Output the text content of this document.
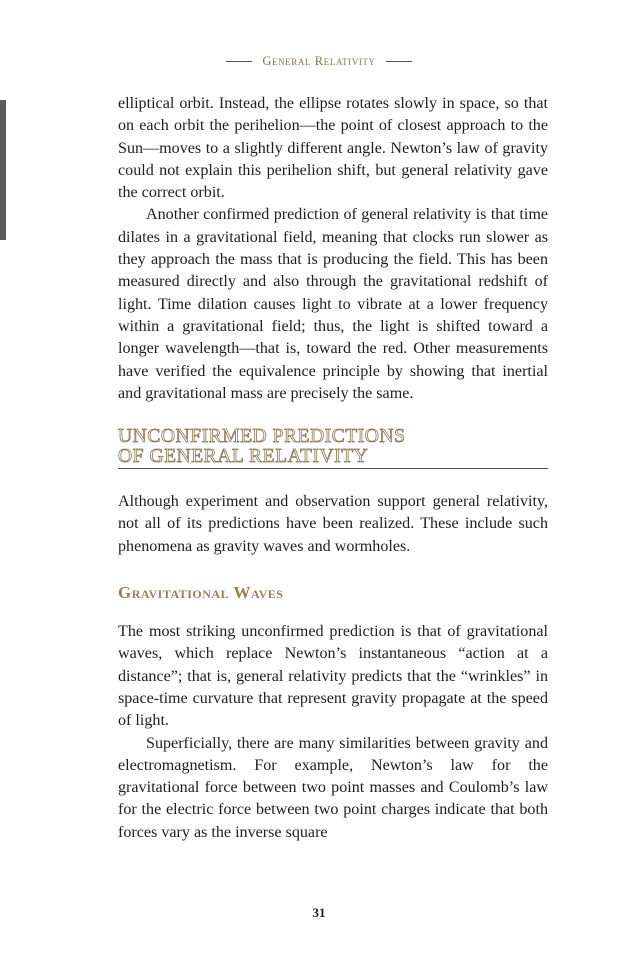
General Relativity

elliptical orbit. Instead, the ellipse rotates slowly in space, so that on each orbit the perihelion—the point of closest approach to the Sun—moves to a slightly different angle. Newton’s law of gravity could not explain this perihelion shift, but general relativity gave the correct orbit.

Another confirmed prediction of general relativity is that time dilates in a gravitational field, meaning that clocks run slower as they approach the mass that is producing the field. This has been measured directly and also through the gravitational redshift of light. Time dilation causes light to vibrate at a lower frequency within a gravitational field; thus, the light is shifted toward a longer wavelength—that is, toward the red. Other measurements have verified the equivalence principle by showing that inertial and gravitational mass are precisely the same.

UNCONFIRMED PREDICTIONS
OF GENERAL RELATIVITY

Although experiment and observation support general relativity, not all of its predictions have been realized. These include such phenomena as gravity waves and wormholes.

Gravitational Waves

The most striking unconfirmed prediction is that of gravitational waves, which replace Newton’s instantaneous “action at a distance”; that is, general relativity predicts that the “wrinkles” in space-time curvature that represent gravity propagate at the speed of light.

Superficially, there are many similarities between gravity and electromagnetism. For example, Newton’s law for the gravitational force between two point masses and Coulomb’s law for the electric force between two point charges indicate that both forces vary as the inverse square

31
